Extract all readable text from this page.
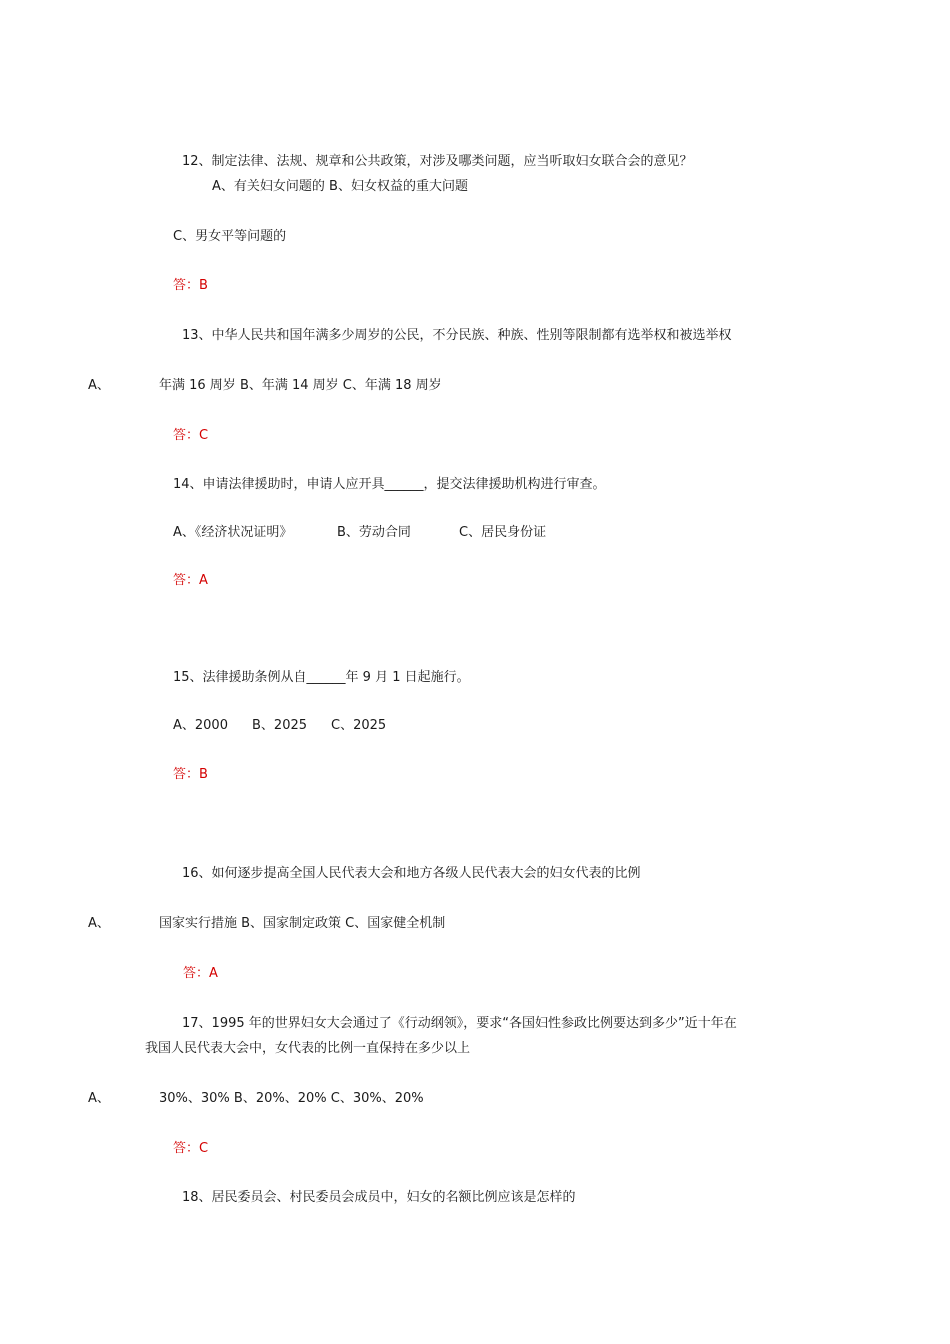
12、制定法律、法规、规章和公共政策，对涉及哪类问题，应当听取妇女联合会的意见？
A、有关妇女问题的 B、妇女权益的重大问题
C、男女平等问题的
答：B
13、中华人民共和国年满多少周岁的公民，不分民族、种族、性别等限制都有选举权和被选举权
A、	年满 16 周岁 B、年满 14 周岁 C、年满 18 周岁
答：C
14、申请法律援助时，申请人应开具______，提交法律援助机构进行审查。
A、《经济状况证明》	B、劳动合同	C、居民身份证
答：A
15、法律援助条例从自______年 9 月 1 日起施行。
A、2000 B、2025 C、2025
答：B
16、如何逐步提高全国人民代表大会和地方各级人民代表大会的妇女代表的比例
A、	国家实行措施 B、国家制定政策 C、国家健全机制
答：A
17、1995 年的世界妇女大会通过了《行动纲领》，要求“各国妇性参政比例要达到多少”近十年在
我国人民代表大会中，女代表的比例一直保持在多少以上
A、	30%、30% B、20%、20% C、30%、20%
答：C
18、居民委员会、村民委员会成员中，妇女的名额比例应该是怎样的
